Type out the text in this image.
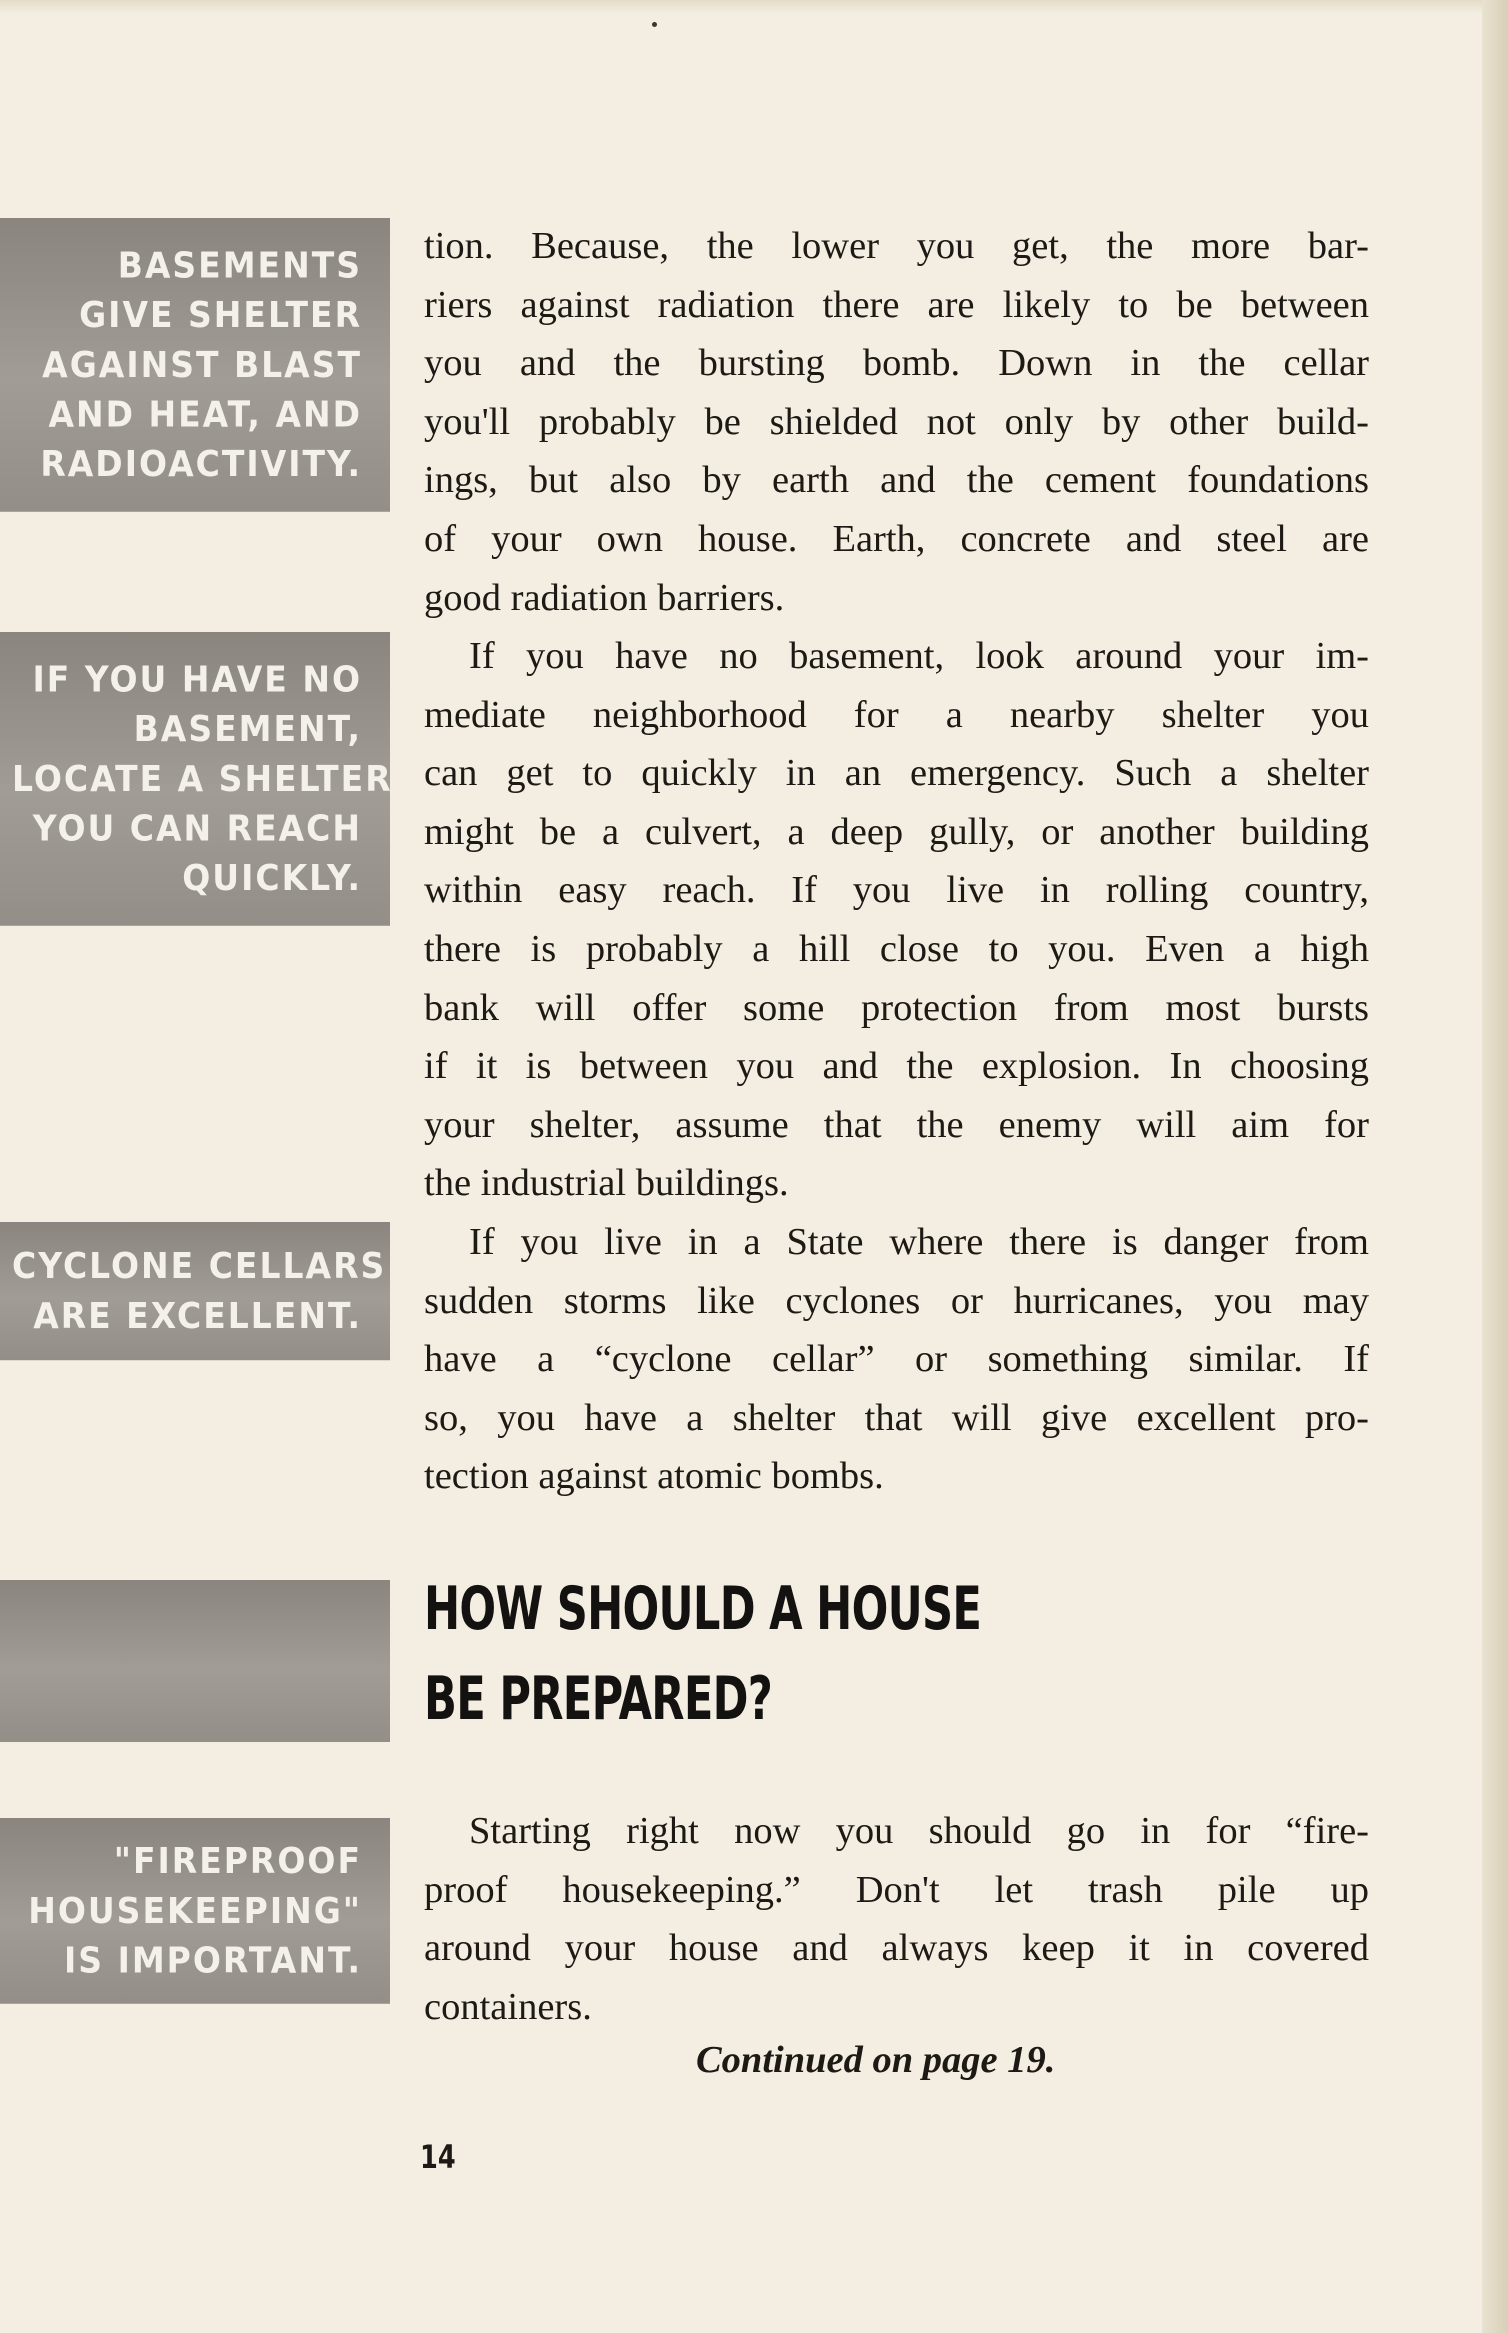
BASEMENTS
GIVE SHELTER
AGAINST BLAST
AND HEAT, AND
RADIOACTIVITY.
IF YOU HAVE NO
BASEMENT,
LOCATE A SHELTER
YOU CAN REACH
QUICKLY.
CYCLONE CELLARS
ARE EXCELLENT.
"FIREPROOF
HOUSEKEEPING"
IS IMPORTANT.
tion. Because, the lower you get, the more bar-
riers against radiation there are likely to be between
you and the bursting bomb. Down in the cellar
you'll probably be shielded not only by other build-
ings, but also by earth and the cement foundations
of your own house. Earth, concrete and steel are
good radiation barriers.
If you have no basement, look around your im-
mediate neighborhood for a nearby shelter you
can get to quickly in an emergency. Such a shelter
might be a culvert, a deep gully, or another building
within easy reach. If you live in rolling country,
there is probably a hill close to you. Even a high
bank will offer some protection from most bursts
if it is between you and the explosion. In choosing
your shelter, assume that the enemy will aim for
the industrial buildings.
If you live in a State where there is danger from
sudden storms like cyclones or hurricanes, you may
have a “cyclone cellar” or something similar. If
so, you have a shelter that will give excellent pro-
tection against atomic bombs.
HOW SHOULD A HOUSE
BE PREPARED?
Starting right now you should go in for “fire-
proof housekeeping.” Don't let trash pile up
around your house and always keep it in covered
containers.

Continued on page 19.

14
